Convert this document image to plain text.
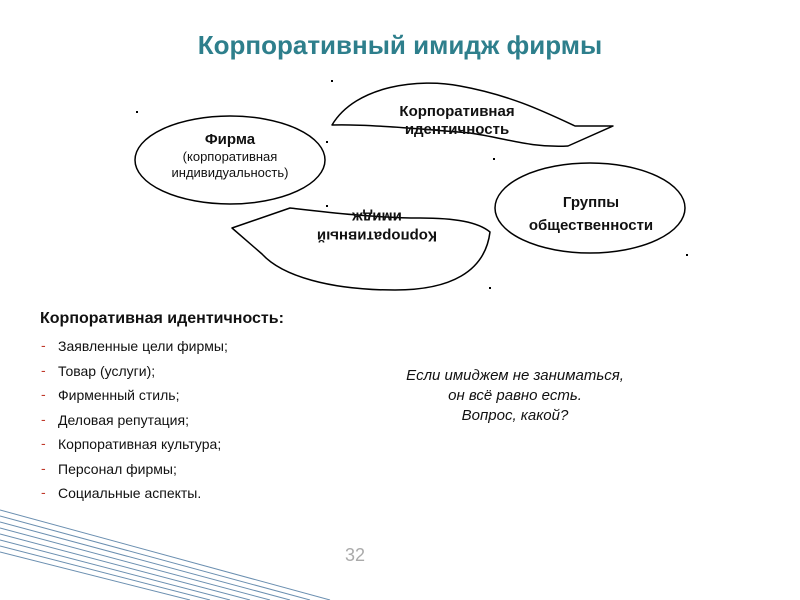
Корпоративный имидж фирмы
Фирма
(корпоративная
индивидуальность)
Корпоративная
идентичность
Группы
общественности
Корпоративный
имидж
Корпоративная идентичность:
- Заявленные цели фирмы;
- Товар (услуги);
- Фирменный стиль;
- Деловая репутация;
- Корпоративная культура;
- Персонал фирмы;
- Социальные аспекты.
Если имиджем не заниматься,
он всё равно есть.
Вопрос, какой?
32
